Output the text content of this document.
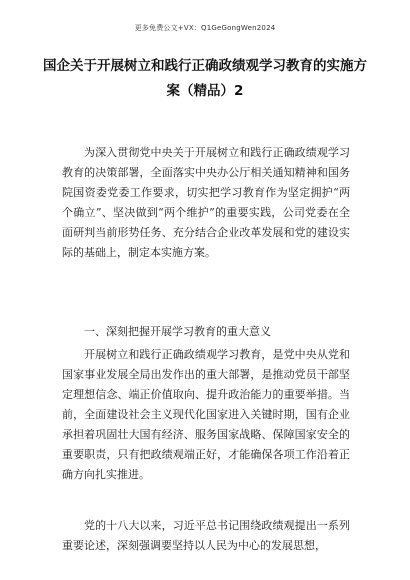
更多免费公文+VX：Q1GeGongWen2024
国企关于开展树立和践行正确政绩观学习教育的实施方案（精品）2

为深入贯彻党中央关于开展树立和践行正确政绩观学习教育的决策部署，全面落实中央办公厅相关通知精神和国务院国资委党委工作要求，切实把学习教育作为坚定拥护“两个确立”、坚决做到“两个维护”的重要实践，公司党委在全面研判当前形势任务、充分结合企业改革发展和党的建设实际的基础上，制定本实施方案。

一、深刻把握开展学习教育的重大意义

开展树立和践行正确政绩观学习教育，是党中央从党和国家事业发展全局出发作出的重大部署，是推动党员干部坚定理想信念、端正价值取向、提升政治能力的重要举措。当前，全面建设社会主义现代化国家进入关键时期，国有企业承担着巩固壮大国有经济、服务国家战略、保障国家安全的重要职责，只有把政绩观端正好，才能确保各项工作沿着正确方向扎实推进。

党的十八大以来，习近平总书记围绕政绩观提出一系列重要论述，深刻强调要坚持以人民为中心的发展思想，
